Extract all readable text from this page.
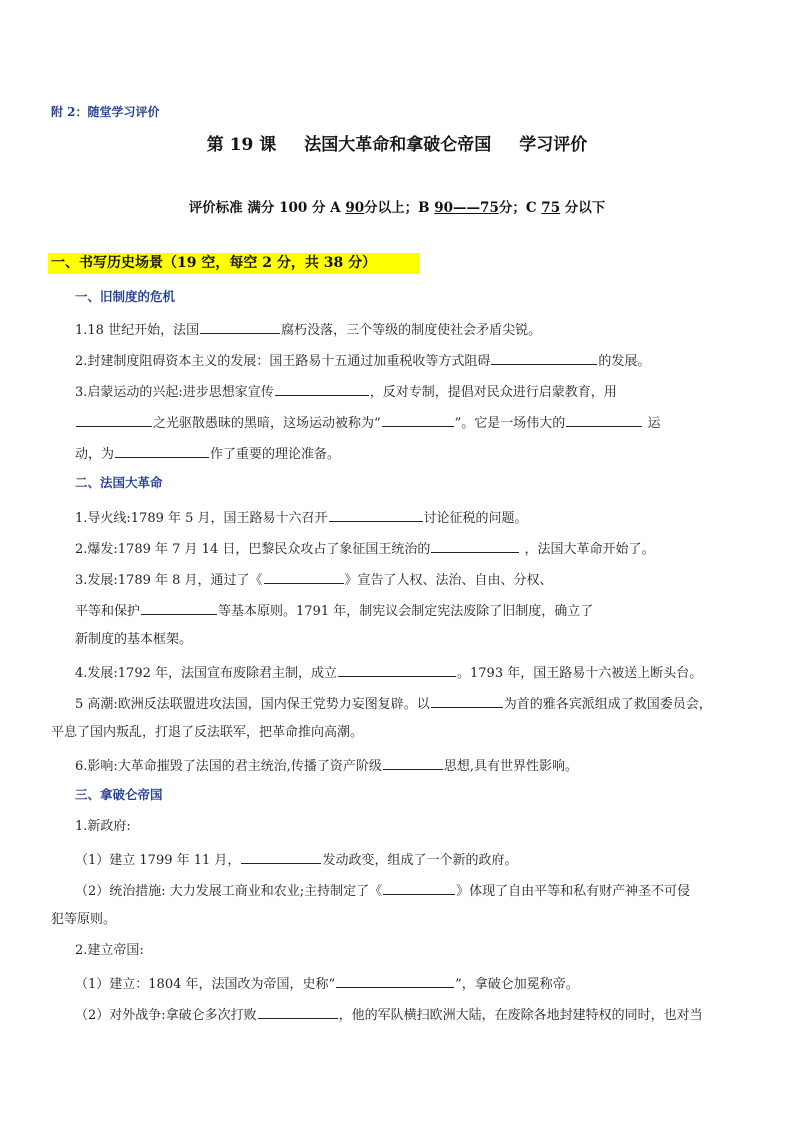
附 2：随堂学习评价
第 19 课 法国大革命和拿破仑帝国 学习评价
评价标准 满分 100 分 A 90分以上；B 90——75分；C 75 分以下
一、书写历史场景（19 空，每空 2 分，共 38 分）
一、旧制度的危机
1.18 世纪开始，法国	腐朽没落，三个等级的制度使社会矛盾尖锐。
2.封建制度阻碍资本主义的发展：国王路易十五通过加重税收等方式阻碍	的发展。
3.启蒙运动的兴起:进步思想家宣传	，反对专制，提倡对民众进行启蒙教育，用
之光驱散愚昧的黑暗，这场运动被称为“	”。它是一场伟大的	运
动，为	作了重要的理论准备。
二、法国大革命
1.导火线:1789 年 5 月，国王路易十六召开	讨论征税的问题。
2.爆发:1789 年 7 月 14 日，巴黎民众攻占了象征国王统治的	，法国大革命开始了。
3.发展:1789 年 8 月，通过了《	》宣告了人权、法治、自由、分权、
平等和保护	等基本原则。1791 年，制宪议会制定宪法废除了旧制度，确立了
新制度的基本框架。
4.发展:1792 年，法国宣布废除君主制，成立	。1793 年，国王路易十六被送上断头台。
5 高潮:欧洲反法联盟进攻法国，国内保王党势力妄图复辟。以	为首的雅各宾派组成了救国委员会，
平息了国内叛乱，打退了反法联军，把革命推向高潮。
6.影响:大革命摧毁了法国的君主统治,传播了资产阶级	思想,具有世界性影响。
三、拿破仑帝国
1.新政府:
（1）建立 1799 年 11 月，	发动政变，组成了一个新的政府。
（2）统治措施: 大力发展工商业和农业;主持制定了《	》体现了自由平等和私有财产神圣不可侵
犯等原则。
2.建立帝国:
（1）建立：1804 年，法国改为帝国，史称“	”，拿破仑加冕称帝。
（2）对外战争:拿破仑多次打败	，他的军队横扫欧洲大陆，在废除各地封建特权的同时，也对当
